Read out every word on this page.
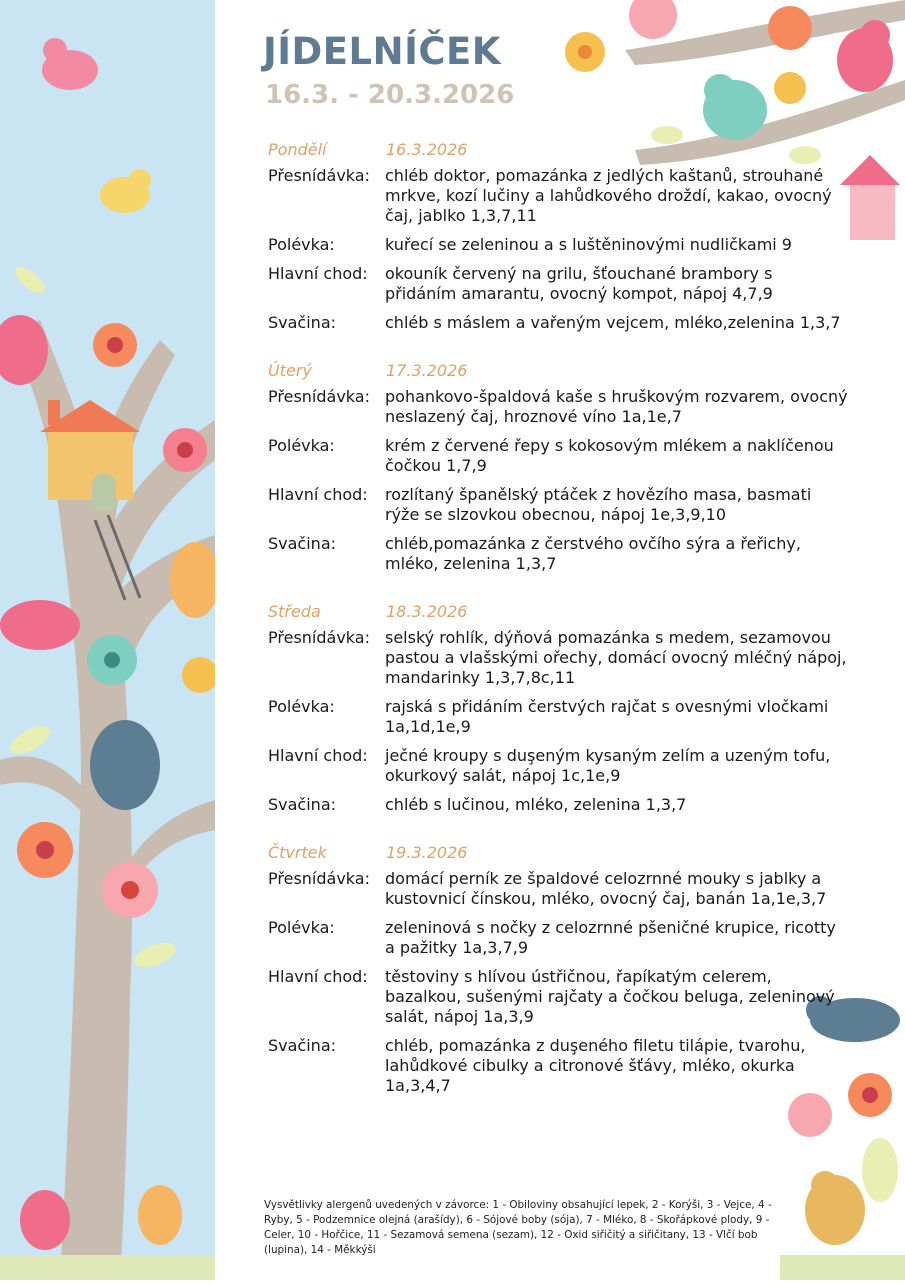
JÍDELNÍČEK
16.3. - 20.3.2026
Pondělí	16.3.2026
Přesnídávka: chléb doktor, pomazánka z jedlých kaštanů, strouhané mrkve, kozí lučiny a lahůdkového droždí, kakao, ovocný čaj, jablko 1,3,7,11
Polévka:	kuřecí se zeleninou a s luštěninovými nudličkami 9
Hlavní chod:	okouník červený na grilu, šťouchané brambory s přidáním amarantu, ovocný kompot, nápoj 4,7,9
Svačina:	chléb s máslem a vařeným vejcem, mléko,zelenina 1,3,7
Úterý	17.3.2026
Přesnídávka: pohankovo-špaldová kaše s hruškovým rozvarem, ovocný neslazený čaj, hroznové víno 1a,1e,7
Polévka:	krém z červené řepy s kokosovým mlékem a naklíčenou čočkou 1,7,9
Hlavní chod:	rozlítaný španělský ptáček z hovězího masa, basmati rýže se slzovkou obecnou, nápoj 1e,3,9,10
Svačina:	chléb,pomazánka z čerstvého ovčího sýra a řeřichy, mléko, zelenina 1,3,7
Středa	18.3.2026
Přesnídávka: selský rohlík, dýňová pomazánka s medem, sezamovou pastou a vlašskými ořechy, domácí ovocný mléčný nápoj, mandarinky 1,3,7,8c,11
Polévka:	rajská s přidáním čerstvých rajčat s ovesnými vločkami 1a,1d,1e,9
Hlavní chod:	ječné kroupy s duşeným kysaným zelím a uzeným tofu, okurkový salát, nápoj 1c,1e,9
Svačina:	chléb s lučinou, mléko, zelenina 1,3,7
Čtvrtek	19.3.2026
Přesnídávka: domácí perník ze špaldové celozrnné mouky s jablky a kustovnicí čínskou, mléko, ovocný čaj, banán 1a,1e,3,7
Polévka:	zeleninová s nočky z celozrnné pšeničné krupice, ricotty a pažitky 1a,3,7,9
Hlavní chod:	těstoviny s hlívou ústřičnou, řapíkatým celerem, bazalkou, sušenými rajčaty a čočkou beluga, zeleninový salát, nápoj 1a,3,9
Svačina:	chléb, pomazánka z duşeného filetu tilápie, tvarohu, lahůdkové cibulky a citronové šťávy, mléko, okurka 1a,3,4,7
Vysvětlivky alergenů uvedených v závorce: 1 - Obiloviny obsahující lepek, 2 - Korýši, 3 - Vejce, 4 - Ryby, 5 - Podzemnice olejná (arašídy), 6 - Sójové boby (sója), 7 - Mléko, 8 - Skořápkové plody, 9 - Celer, 10 - Hořčice, 11 - Sezamová semena (sezam), 12 - Oxid siřičitý a siřičitany, 13 - Vlčí bob (lupina), 14 - Měkkýši
